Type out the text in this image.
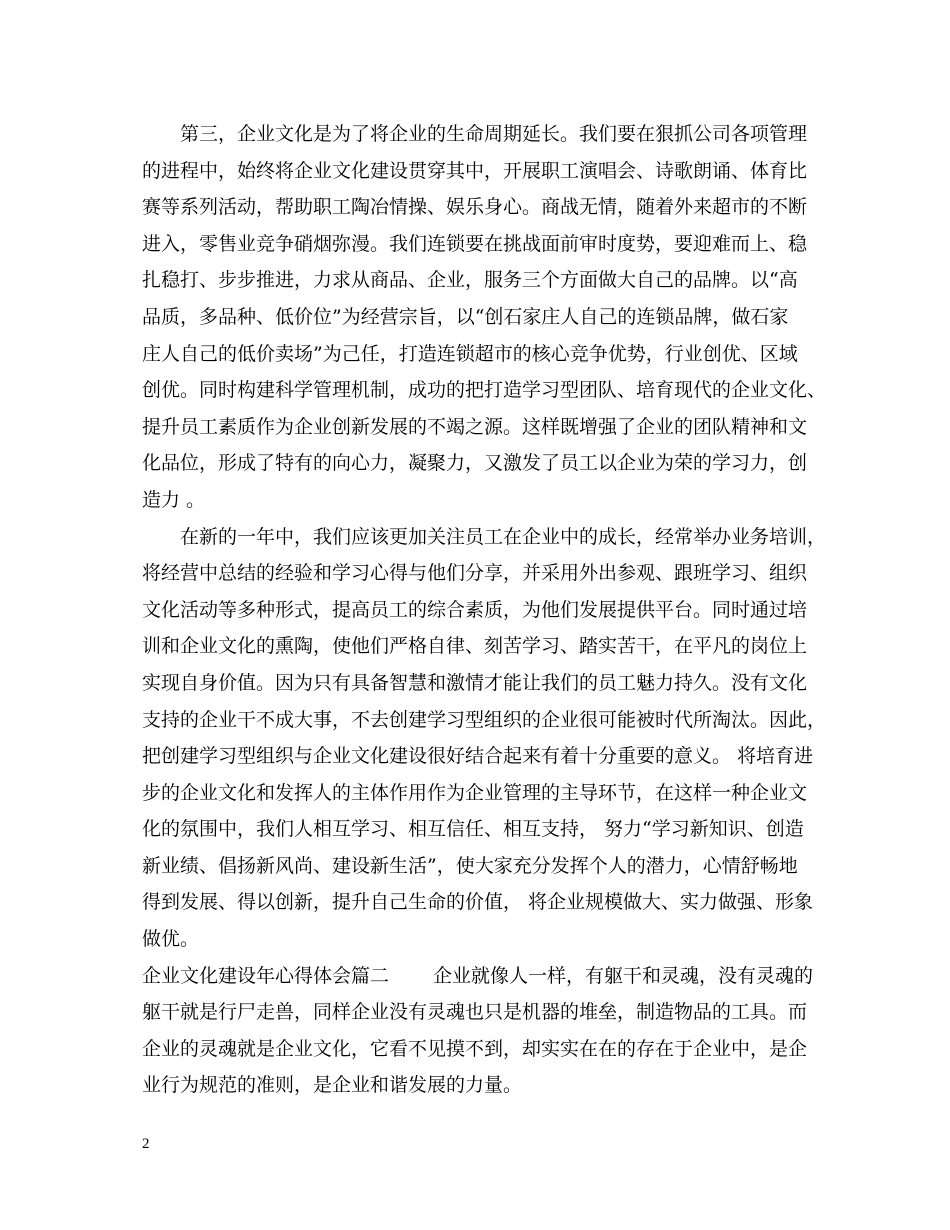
第三，企业文化是为了将企业的生命周期延长。我们要在狠抓公司各项管理
的进程中，始终将企业文化建设贯穿其中，开展职工演唱会、诗歌朗诵、体育比
赛等系列活动，帮助职工陶冶情操、娱乐身心。商战无情，随着外来超市的不断
进入，零售业竞争硝烟弥漫。我们连锁要在挑战面前审时度势，要迎难而上、稳
扎稳打、步步推进，力求从商品、企业，服务三个方面做大自己的品牌。以“高
品质，多品种、低价位”为经营宗旨，以“创石家庄人自己的连锁品牌，做石家
庄人自己的低价卖场”为己任，打造连锁超市的核心竞争优势，行业创优、区域
创优。同时构建科学管理机制，成功的把打造学习型团队、培育现代的企业文化、
提升员工素质作为企业创新发展的不竭之源。这样既增强了企业的团队精神和文
化品位，形成了特有的向心力，凝聚力，又激发了员工以企业为荣的学习力，创
造力 。
在新的一年中，我们应该更加关注员工在企业中的成长，经常举办业务培训，
将经营中总结的经验和学习心得与他们分享，并采用外出参观、跟班学习、组织
文化活动等多种形式，提高员工的综合素质，为他们发展提供平台。同时通过培
训和企业文化的熏陶，使他们严格自律、刻苦学习、踏实苦干，在平凡的岗位上
实现自身价值。因为只有具备智慧和激情才能让我们的员工魅力持久。没有文化
支持的企业干不成大事，不去创建学习型组织的企业很可能被时代所淘汰。因此，
把创建学习型组织与企业文化建设很好结合起来有着十分重要的意义。 将培育进
步的企业文化和发挥人的主体作用作为企业管理的主导环节，在这样一种企业文
化的氛围中，我们人相互学习、相互信任、相互支持， 努力“学习新知识、创造
新业绩、倡扬新风尚、建设新生活”，使大家充分发挥个人的潜力，心情舒畅地
得到发展、得以创新，提升自己生命的价值， 将企业规模做大、实力做强、形象
做优。
企业文化建设年心得体会篇二 　　企业就像人一样，有躯干和灵魂，没有灵魂的
躯干就是行尸走兽，同样企业没有灵魂也只是机器的堆垒，制造物品的工具。而
企业的灵魂就是企业文化，它看不见摸不到，却实实在在的存在于企业中，是企
业行为规范的准则，是企业和谐发展的力量。
2
